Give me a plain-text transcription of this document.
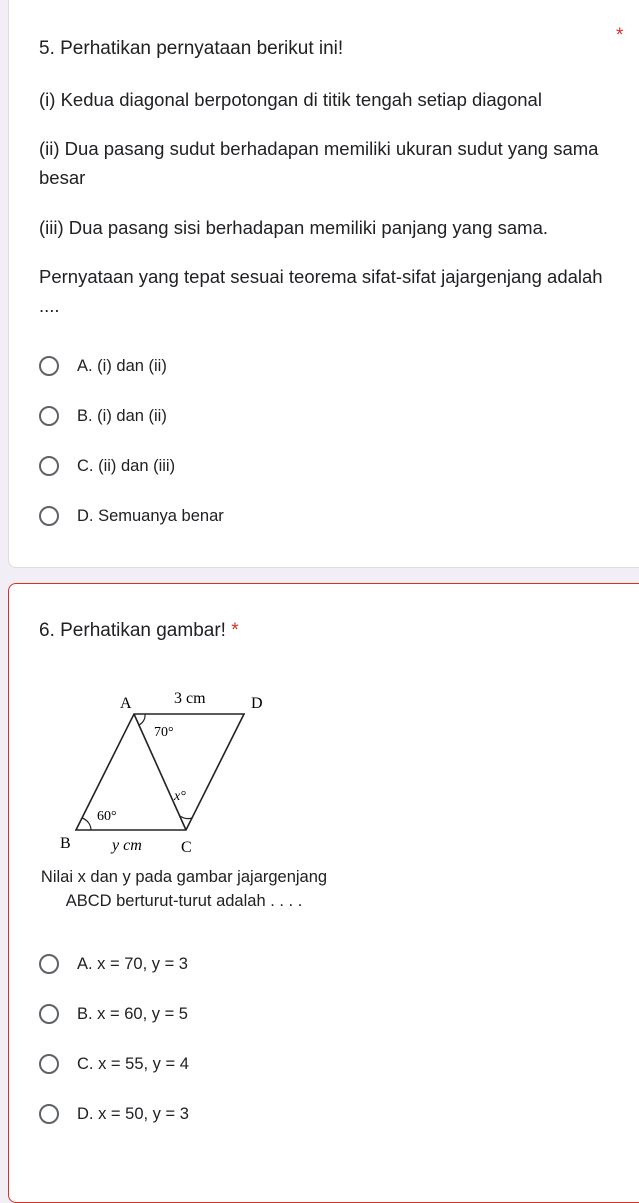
5. Perhatikan pernyataan berikut ini!
*
(i) Kedua diagonal berpotongan di titik tengah setiap diagonal
(ii) Dua pasang sudut berhadapan memiliki ukuran sudut yang sama besar
(iii) Dua pasang sisi berhadapan memiliki panjang yang sama.
Pernyataan yang tepat sesuai teorema sifat-sifat jajargenjang adalah ....
A. (i) dan (ii)
B. (i) dan (ii)
C. (ii) dan (iii)
D. Semuanya benar
6. Perhatikan gambar! *
A	D
B	C
3 cm
y cm
70°
60°
x°
Nilai x dan y pada gambar jajargenjang ABCD berturut-turut adalah . . . .
A. x = 70, y = 3
B. x = 60, y = 5
C. x = 55, y = 4
D. x = 50, y = 3
